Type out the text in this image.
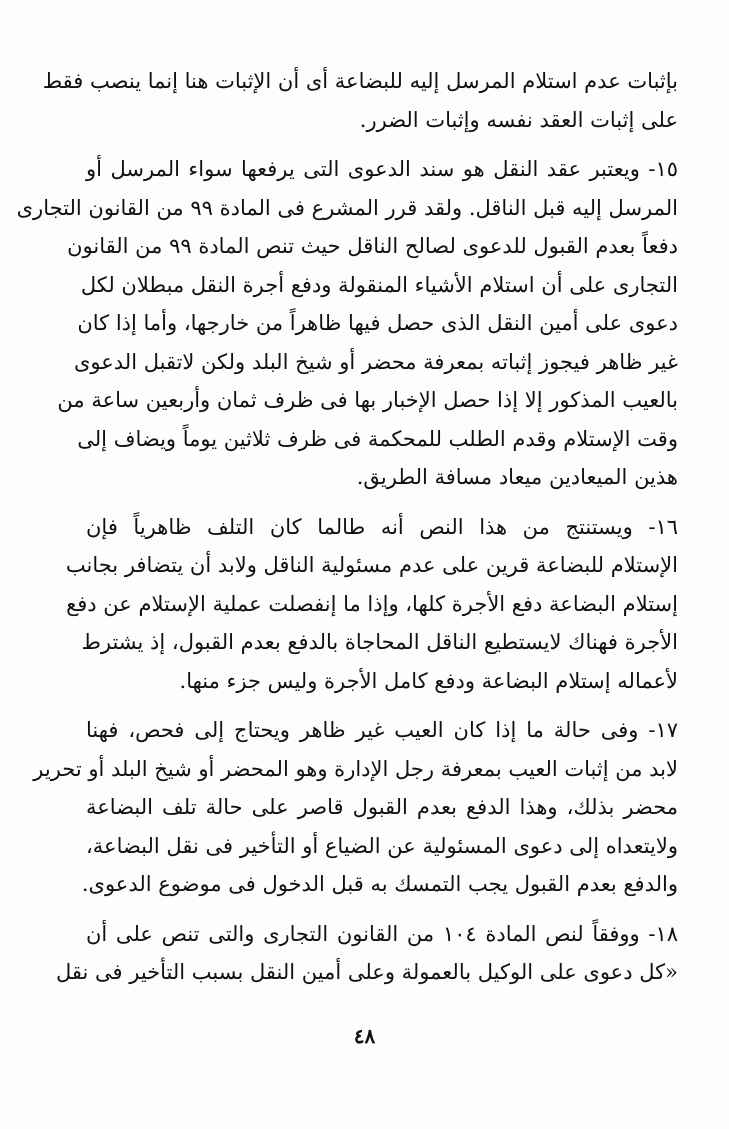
بإثبات عدم استلام المرسل إليه للبضاعة أى أن الإثبات هنا إنما ينصب فقط
على إثبات العقد نفسه وإثبات الضرر.
١٥- ويعتبر عقد النقل هو سند الدعوى التى يرفعها سواء المرسل أو
المرسل إليه قبل الناقل. ولقد قرر المشرع فى المادة ٩٩ من القانون التجارى
دفعاً بعدم القبول للدعوى لصالح الناقل حيث تنص المادة ٩٩ من القانون
التجارى على أن استلام الأشياء المنقولة ودفع أجرة النقل مبطلان لكل
دعوى على أمين النقل الذى حصل فيها ظاهراً من خارجها، وأما إذا كان
غير ظاهر فيجوز إثباته بمعرفة محضر أو شيخ البلد ولكن لاتقبل الدعوى
بالعيب المذكور إلا إذا حصل الإخبار بها فى ظرف ثمان وأربعين ساعة من
وقت الإستلام وقدم الطلب للمحكمة فى ظرف ثلاثين يوماً ويضاف إلى
هذين الميعادين ميعاد مسافة الطريق.
١٦- ويستنتج من هذا النص أنه طالما كان التلف ظاهرياً فإن
الإستلام للبضاعة قرين على عدم مسئولية الناقل ولابد أن يتضافر بجانب
إستلام البضاعة دفع الأجرة كلها، وإذا ما إنفصلت عملية الإستلام عن دفع
الأجرة فهناك لايستطيع الناقل المحاجاة بالدفع بعدم القبول، إذ يشترط
لأعماله إستلام البضاعة ودفع كامل الأجرة وليس جزء منها.
١٧- وفى حالة ما إذا كان العيب غير ظاهر ويحتاج إلى فحص، فهنا
لابد من إثبات العيب بمعرفة رجل الإدارة وهو المحضر أو شيخ البلد أو تحرير
محضر بذلك، وهذا الدفع بعدم القبول قاصر على حالة تلف البضاعة
ولايتعداه إلى دعوى المسئولية عن الضياع أو التأخير فى نقل البضاعة،
والدفع بعدم القبول يجب التمسك به قبل الدخول فى موضوع الدعوى.
١٨- ووفقاً لنص المادة ١٠٤ من القانون التجارى والتى تنص على أن
«كل دعوى على الوكيل بالعمولة وعلى أمين النقل بسبب التأخير فى نقل
٤٨
